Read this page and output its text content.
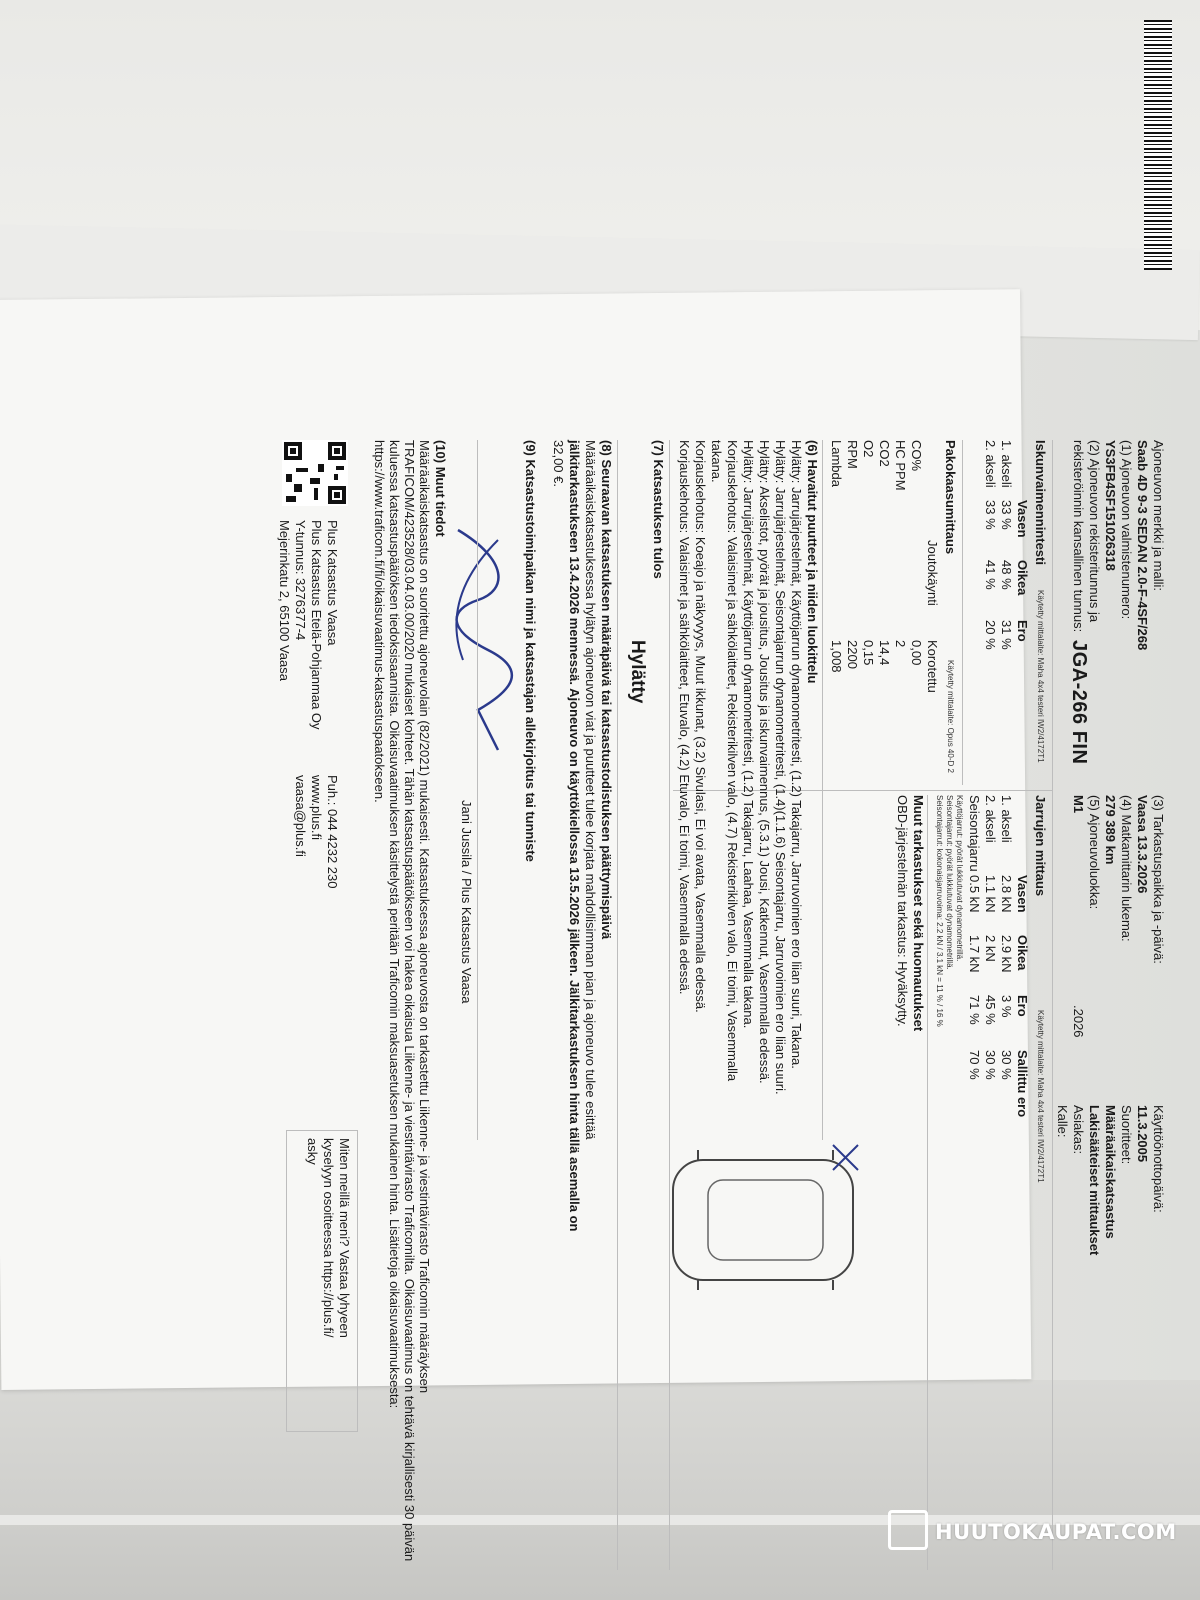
Ajoneuvon merkki ja malli:
Saab 4D 9-3 SEDAN 2.0-F-4SF/268
(1) Ajoneuvon valmistenumero:
YS3FB4SF151026318
(2) Ajoneuvon rekisteritunnus ja
rekisteröinnin kansallinen tunnus:
JGA-266 FIN
(3) Tarkastuspaikka ja -päivä:
Vaasa 13.3.2026
(4) Matkamittarin lukema:
279 389 km
(5) Ajoneuvoluokka:
M1
.2026
Käyttöönottopäivä:
11.3.2005
Suoritteet:
Määräaikaiskatsastus
Lakisääteiset mittaukset
Asiakas:
Kalle:
Iskunvaimennintesti
Käytetty mittalaite: Maha 4x4 testeri IW2/4172T1
Vasen
Oikea
Ero
1. akseli
33 %
48 %
31 %
2. akseli
33 %
41 %
20 %
Jarrujen mittaus
Käytetty mittalaite: Maha 4x4 testeri IW2/4172T1
Vasen
Oikea
Ero
Sallittu ero
1. akseli
2.8 kN
2.9 kN
3 %
30 %
2. akseli
1.1 kN
2 kN
45 %
30 %
Seisontajarru
0.5 kN
1.7 kN
71 %
70 %
Käyttöjarrut: pyörät lukkiutuvat dynamometrillä.
Seisontajarrut: pyörät lukkiutuvat dynamometrillä.
Seisontajarrut: kokonaisjarruvoima: 2.2 kN / 3.1 kN = 11 % / 16 %
Pakokaasumittaus
Käytetty mittalaite: Opus 40-D 2
Joutokäynti
Korotettu
CO%
0,00
HC PPM
2
CO2
14,4
O2
0,15
RPM
2200
Lambda
1,008
Muut tarkastukset sekä huomautukset
OBD-järjestelmän tarkastus: Hyväksytty.
(6) Havaitut puutteet ja niiden luokittelu
Hylätty: Jarrujärjestelmät, Käyttöjarrun dynamometritesti, (1.2) Takajarru, Jarruvoimien ero liian suuri, Takana.
Hylätty: Jarrujärjestelmät, Seisontajarrun dynamometritesti, (1.4)(1.1.6) Seisontajarru, Jarruvoimien ero liian suuri.
Hylätty: Akselistot, pyörät ja jousitus, Jousitus ja iskunvaimennus, (5.3.1) Jousi, Katkennut, Vasemmalla edessä.
Hylätty: Jarrujärjestelmät, Käyttöjarrun dynamometritesti, (1.2) Takajarru, Laahaa, Vasemmalla takana.
Korjauskehotus: Valaisimet ja sähkölaitteet, Rekisterikilven valo, (4.7) Rekisterikilven valo, Ei toimi, Vasemmalla
takana.
Korjauskehotus: Koeajo ja näkyvyys, Muut ikkunat, (3.2) Sivulasi, Ei voi avata, Vasemmalla edessä.
Korjauskehotus: Valaisimet ja sähkölaitteet, Etuvalo, (4.2) Etuvalo, Ei toimi, Vasemmalla edessä.
(7) Katsastuksen tulos
Hylätty
(8) Seuraavan katsastuksen määräpäivä tai katsastustodistuksen päättymispäivä
Määräaikaiskatsastuksessa hylätyn ajoneuvon viat ja puutteet tulee korjata mahdollisimman pian ja ajoneuvo tulee esittää
jälkitarkastukseen 13.4.2026 mennessä. Ajoneuvo on käyttökiellossa 13.5.2026 jälkeen. Jälkitarkastuksen hinta tällä asemalla on
32,00 €.
(9) Katsastustoimipaikan nimi ja katsastajan allekirjoitus tai tunniste
Jani Jussila / Plus Katsastus Vaasa
(10) Muut tiedot
Määräaikaiskatsastus on suoritettu ajoneuvolain (82/2021) mukaisesti. Katsastuksessa ajoneuvosta on tarkastettu Liikenne- ja viestintävirasto Traficomin määräyksen TRAFICOM/423528/03.04.03.00/2020 mukaiset kohteet. Tähän katsastuspäätökseen voi hakea oikaisua Liikenne- ja viestintävirasto Traficomilta. Oikaisuvaatimus on tehtävä kirjallisesti 30 päivän kuluessa katsastuspäätöksen tiedoksisaannista. Oikaisuvaatimuksen käsittelystä peritään Traficomin maksuasetuksen mukainen hinta. Lisätietoja oikaisuvaatimuksesta: https://www.traficom.fi/fi/oikaisuvaatimus-katsastuspaatokseen.
Miten meillä meni? Vastaa lyhyeen
kyselyyn osoitteessa https://plus.fi/
asky
Plus Katsastus Vaasa
Plus Katsastus Etelä-Pohjanmaa Oy
Y-tunnus: 3276377-4
Mejerinkatu 2, 65100 Vaasa
Puh.: 044 4232 230
www.plus.fi
vaasa@plus.fi
HUUTOKAUPAT.COM
